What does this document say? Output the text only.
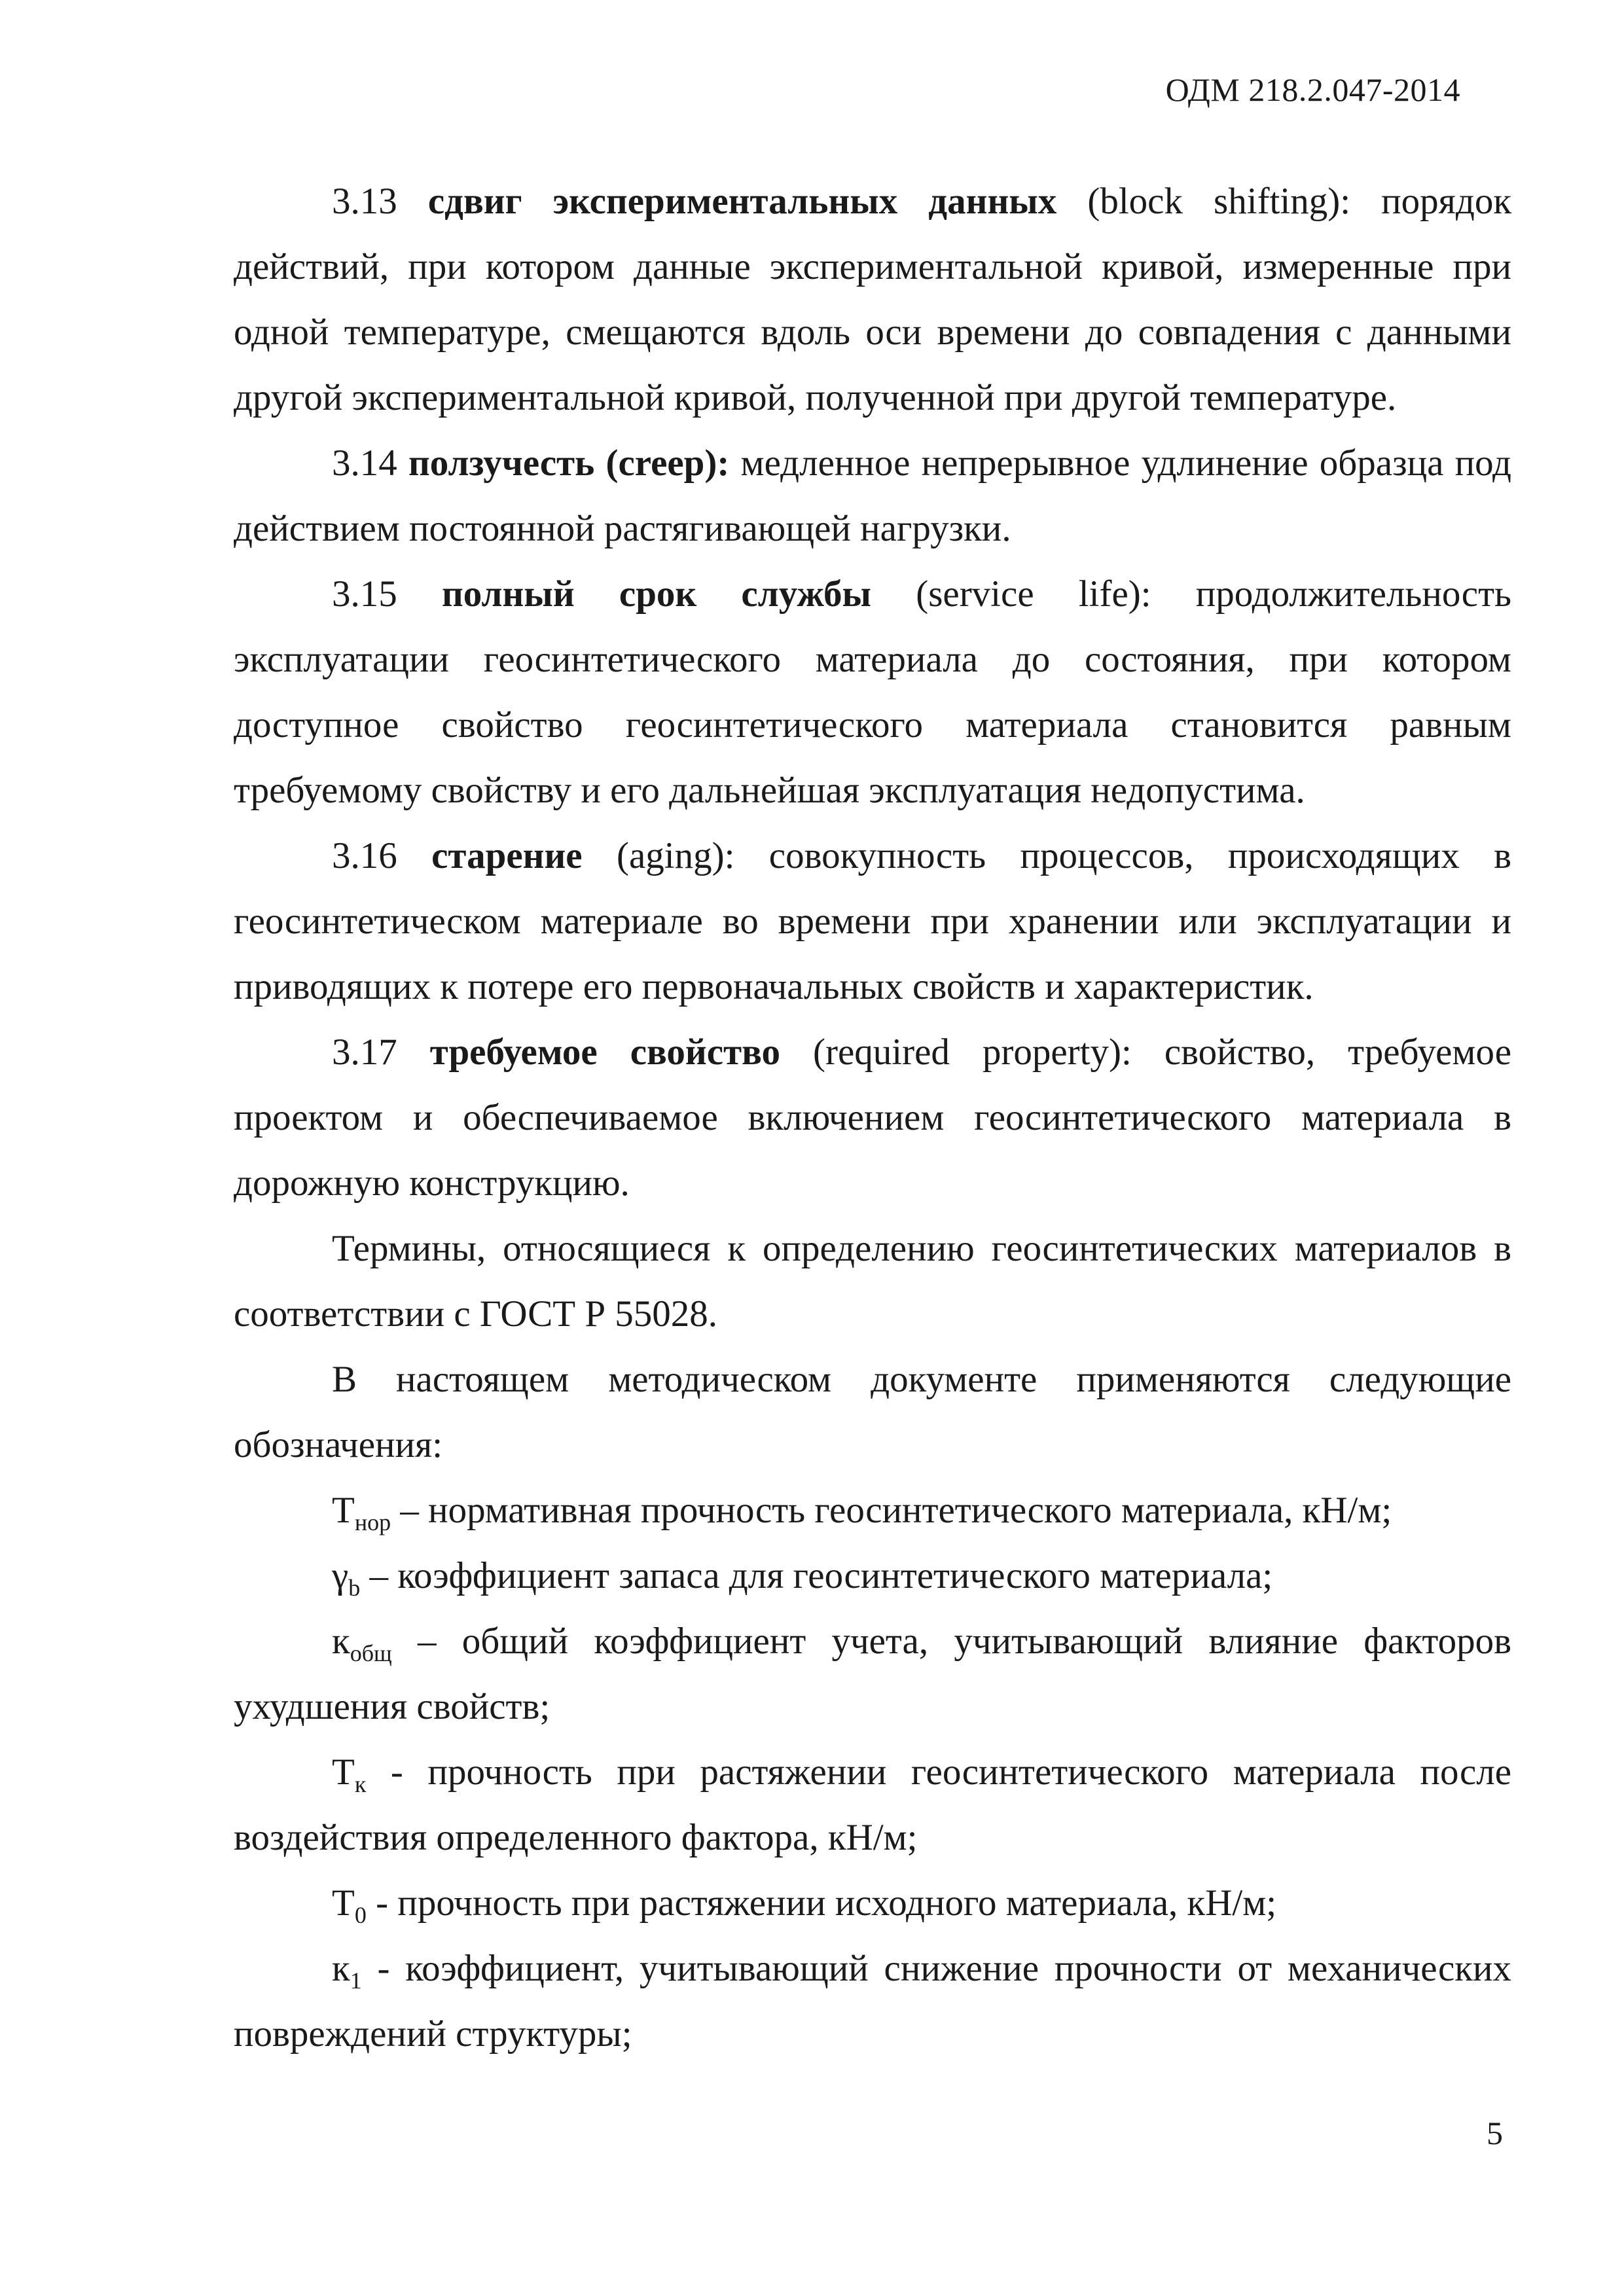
ОДМ 218.2.047-2014

3.13 сдвиг экспериментальных данных (block shifting): порядок действий, при котором данные экспериментальной кривой, измеренные при одной температуре, смещаются вдоль оси времени до совпадения с данными другой экспериментальной кривой, полученной при другой температуре.

3.14 ползучесть (creep): медленное непрерывное удлинение образца под действием постоянной растягивающей нагрузки.

3.15 полный срок службы (service life): продолжительность эксплуатации геосинтетического материала до состояния, при котором доступное свойство геосинтетического материала становится равным требуемому свойству и его дальнейшая эксплуатация недопустима.

3.16 старение (aging): совокупность процессов, происходящих в геосинтетическом материале во времени при хранении или эксплуатации и приводящих к потере его первоначальных свойств и характеристик.

3.17 требуемое свойство (required property): свойство, требуемое проектом и обеспечиваемое включением геосинтетического материала в дорожную конструкцию.

Термины, относящиеся к определению геосинтетических материалов в соответствии с ГОСТ Р 55028.

В настоящем методическом документе применяются следующие обозначения:

$T_{нор}$ – нормативная прочность геосинтетического материала, кН/м;

$\gamma_b$ – коэффициент запаса для геосинтетического материала;

$к_{общ}$ – общий коэффициент учета, учитывающий влияние факторов ухудшения свойств;

$T_к$ - прочность при растяжении геосинтетического материала после воздействия определенного фактора, кН/м;

$T_0$ - прочность при растяжении исходного материала, кН/м;

$к_1$ - коэффициент, учитывающий снижение прочности от механических повреждений структуры;

5
